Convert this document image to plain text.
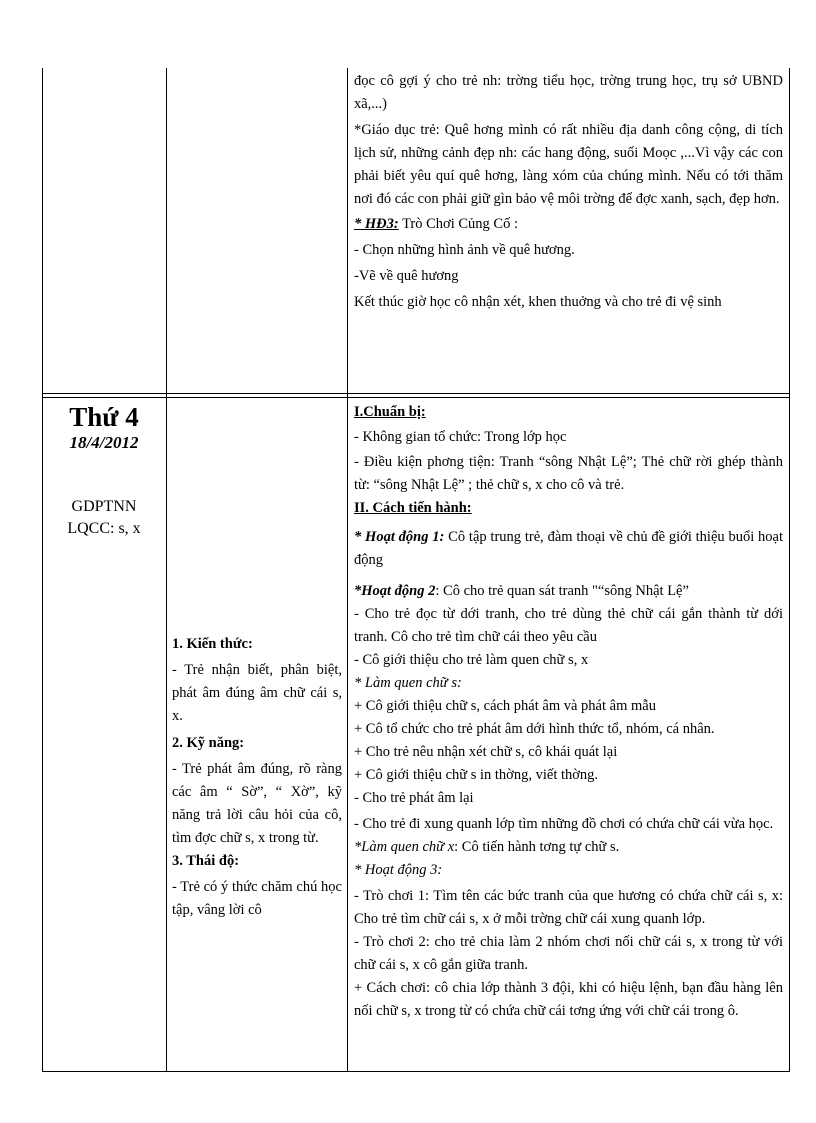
đọc cô gợi ý cho trẻ nh: trờng tiểu học, trờng trung học, trụ sở UBND xã,...)

*Giáo dục trẻ: Quê hơng mình có rất nhiều địa danh công cộng, di tích lịch sử, những cảnh đẹp nh: các hang động, suối Moọc ,...Vì vậy các con phải biết yêu quí quê hơng, làng xóm của chúng mình. Nếu có tới thăm nơi đó các con phải giữ gìn bảo vệ môi trờng để đợc xanh, sạch, đẹp hơn.

* HĐ3: Trò Chơi Củng Cố :

- Chọn những hình ảnh về quê hương.

-Vẽ về quê hương

Kết thúc giờ học cô nhận xét, khen thuởng và cho trẻ đi vệ sinh

Thứ 4
18/4/2012
GDPTNN
LQCC: s, x

1. Kiến thức:

- Trẻ nhận biết, phân biệt, phát âm đúng âm chữ cái s, x.

2. Kỹ năng:

- Trẻ phát âm đúng, rõ ràng các âm “ Sờ”, “ Xờ”, kỹ năng trả lời câu hỏi của cô, tìm đợc chữ s, x trong từ.

3. Thái độ:

- Trẻ có ý thức chăm chú học tập, vâng lời cô

I.Chuẩn bị:

- Không gian tổ chức: Trong lớp học

- Điều kiện phơng tiện: Tranh “sông Nhật Lệ”; Thẻ chữ rời ghép thành từ: “sông Nhật Lệ” ; thẻ chữ s, x cho cô và trẻ.

II. Cách tiến hành:

* Hoạt động 1: Cô tập trung trẻ, đàm thoại về chủ đề giới thiệu buổi hoạt động

*Hoạt động 2: Cô cho trẻ quan sát tranh "“sông Nhật Lệ”

- Cho trẻ đọc từ dới tranh, cho trẻ dùng thẻ chữ cái gắn thành từ dới tranh. Cô cho trẻ tìm chữ cái theo yêu cầu

- Cô giới thiệu cho trẻ làm quen chữ s, x

* Làm quen chữ s:

+ Cô giới thiệu chữ s, cách phát âm và phát âm mẫu

+ Cô tổ chức cho trẻ phát âm dới hình thức tổ, nhóm, cá nhân.

+ Cho trẻ nêu nhận xét chữ s, cô khái quát lại

+ Cô giới thiệu chữ s in thờng, viết thờng.

- Cho trẻ phát âm lại

- Cho trẻ đi xung quanh lớp tìm những đồ chơi có chứa chữ cái vừa học.

*Làm quen chữ x: Cô tiến hành tơng tự chữ s.

* Hoạt động 3:

- Trò chơi 1: Tìm tên các bức tranh của que hương có chứa chữ cái s, x: Cho trẻ tìm chữ cái s, x ở mỗi trờng chữ cái xung quanh lớp.

- Trò chơi 2: cho trẻ chia làm 2 nhóm chơi nối chữ cái s, x trong từ với chữ cái s, x cô gắn giữa tranh.

+ Cách chơi: cô chia lớp thành 3 đội, khi có hiệu lệnh, bạn đầu hàng lên nối chữ s, x trong từ có chứa chữ cái tơng ứng với chữ cái trong ô.
